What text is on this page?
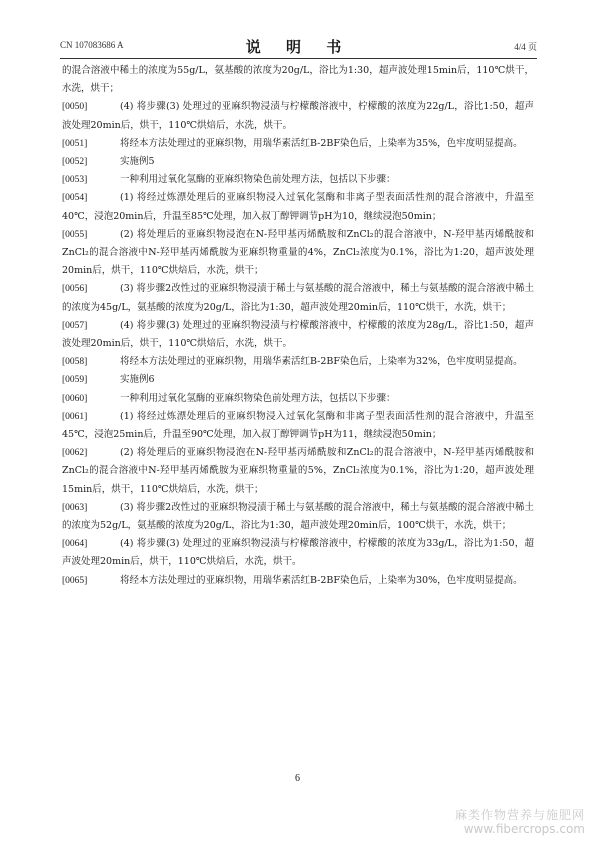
CN 107083686 A	说 明 书	4/4 页

的混合溶液中稀土的浓度为55g/L，氨基酸的浓度为20g/L，浴比为1:30，超声波处理15min后，110℃烘干，水洗，烘干；

[0050]	(4) 将步骤(3) 处理过的亚麻织物浸渍与柠檬酸溶液中，柠檬酸的浓度为22g/L，浴比1:50，超声波处理20min后，烘干，110℃烘焙后，水洗，烘干。

[0051]	将经本方法处理过的亚麻织物，用瑞华素活红B-2BF染色后，上染率为35%，色牢度明显提高。

[0052]	实施例5

[0053]	一种利用过氧化氢酶的亚麻织物染色前处理方法，包括以下步骤：

[0054]	(1) 将经过炼漂处理后的亚麻织物浸入过氧化氢酶和非离子型表面活性剂的混合溶液中，升温至40℃，浸泡20min后，升温至85℃处理，加入叔丁醇钾调节pH为10，继续浸泡50min；

[0055]	(2) 将处理后的亚麻织物浸泡在N-羟甲基丙烯酰胺和ZnCl₂的混合溶液中，N-羟甲基丙烯酰胺和ZnCl₂的混合溶液中N-羟甲基丙烯酰胺为亚麻织物重量的4%，ZnCl₂浓度为0.1%，浴比为1:20，超声波处理20min后，烘干，110℃烘焙后，水洗，烘干；

[0056]	(3) 将步骤2改性过的亚麻织物浸渍于稀土与氨基酸的混合溶液中，稀土与氨基酸的混合溶液中稀土的浓度为45g/L，氨基酸的浓度为20g/L，浴比为1:30，超声波处理20min后，110℃烘干，水洗，烘干；

[0057]	(4) 将步骤(3) 处理过的亚麻织物浸渍与柠檬酸溶液中，柠檬酸的浓度为28g/L，浴比1:50，超声波处理20min后，烘干，110℃烘焙后，水洗，烘干。

[0058]	将经本方法处理过的亚麻织物，用瑞华素活红B-2BF染色后，上染率为32%，色牢度明显提高。

[0059]	实施例6

[0060]	一种利用过氧化氢酶的亚麻织物染色前处理方法，包括以下步骤：

[0061]	(1) 将经过炼漂处理后的亚麻织物浸入过氧化氢酶和非离子型表面活性剂的混合溶液中，升温至45℃，浸泡25min后，升温至90℃处理，加入叔丁醇钾调节pH为11，继续浸泡50min；

[0062]	(2) 将处理后的亚麻织物浸泡在N-羟甲基丙烯酰胺和ZnCl₂的混合溶液中，N-羟甲基丙烯酰胺和ZnCl₂的混合溶液中N-羟甲基丙烯酰胺为亚麻织物重量的5%，ZnCl₂浓度为0.1%，浴比为1:20，超声波处理15min后，烘干，110℃烘焙后，水洗，烘干；

[0063]	(3) 将步骤2改性过的亚麻织物浸渍于稀土与氨基酸的混合溶液中，稀土与氨基酸的混合溶液中稀土的浓度为52g/L，氨基酸的浓度为20g/L，浴比为1:30，超声波处理20min后，100℃烘干，水洗，烘干；

[0064]	(4) 将步骤(3) 处理过的亚麻织物浸渍与柠檬酸溶液中，柠檬酸的浓度为33g/L，浴比为1:50，超声波处理20min后，烘干，110℃烘焙后，水洗，烘干。

[0065]	将经本方法处理过的亚麻织物，用瑞华素活红B-2BF染色后，上染率为30%，色牢度明显提高。

6
麻类作物营养与施肥网
www.fibercrops.com
